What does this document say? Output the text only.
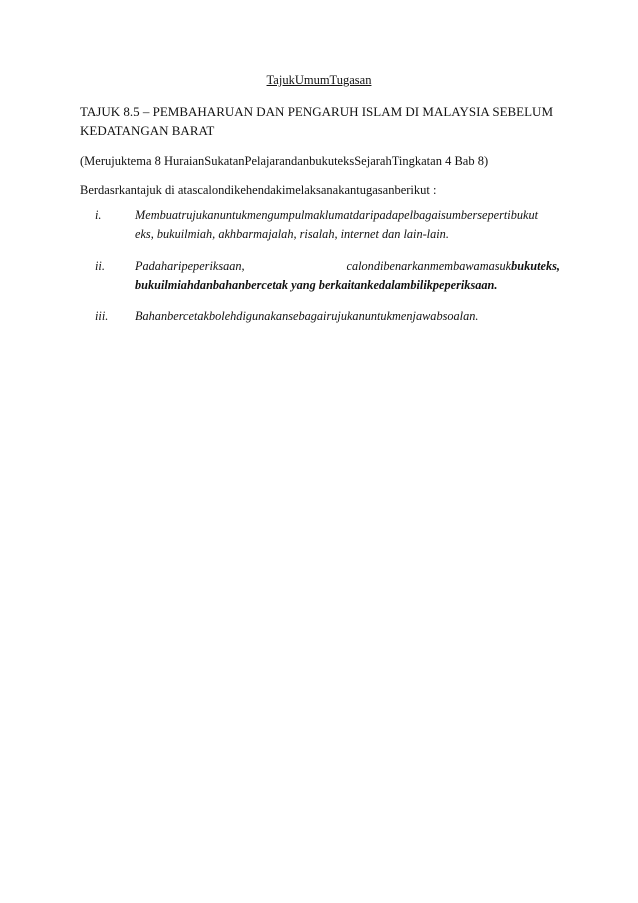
TajukUmumTugasan
TAJUK 8.5 – PEMBAHARUAN DAN PENGARUH ISLAM DI MALAYSIA SEBELUM
KEDATANGAN BARAT
(Merujuktema 8 HuraianSukatanPelajarandanbukuteksSejarahTingkatan 4 Bab 8)
Berdasrkantajuk di atascalondikehendakimelaksanakantugasanberikut :
i.	Membuatrujukanuntukmengumpulmaklumatdaripadapelbagaisumbersepertibukut
eks, bukuilmiah, akhbarmajalah, risalah, internet dan lain-lain.
ii.	Padaharipeperiksaan,	calondibenarkanmembawamasukbukuteks,
bukuilmiahdanbahanbercetak yang berkaitankedalambilikpeperiksaan.
iii.	Bahanbercetakbolehdigunakansebagairujukanuntukmenjawabsoalan.
